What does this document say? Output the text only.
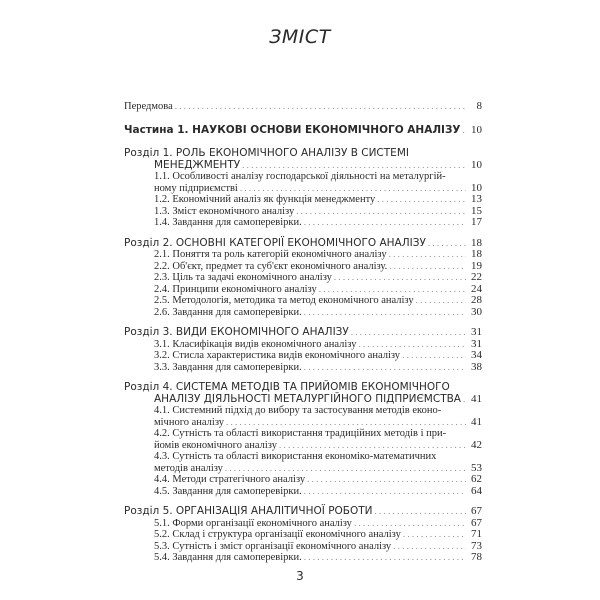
ЗМІСТ
Передмова . . .	8
Частина 1. НАУКОВІ ОСНОВИ ЕКОНОМІЧНОГО АНАЛІЗУ . . . 10
Розділ 1. РОЛЬ ЕКОНОМІЧНОГО АНАЛІЗУ В СИСТЕМІ
МЕНЕДЖМЕНТУ . . .	10
1.1. Особливості аналізу господарської діяльності на металургій-
ному підприємстві . . .	10
1.2. Економічний аналіз як функція менеджменту . . .	13
1.3. Зміст економічного аналізу . . .	15
1.4. Завдання для самоперевірки. . . .	17
Розділ 2. ОСНОВНІ КАТЕГОРІЇ ЕКОНОМІЧНОГО АНАЛІЗУ . . .	18
2.1. Поняття та роль категорій економічного аналізу . . .	18
2.2. Об'єкт, предмет та суб'єкт економічного аналізу. . . .	19
2.3. Ціль та задачі економічного аналізу . . .	22
2.4. Принципи економічного аналізу . . .	24
2.5. Методологія, методика та метод економічного аналізу . . .	28
2.6. Завдання для самоперевірки. . . .	30
Розділ 3. ВИДИ ЕКОНОМІЧНОГО АНАЛІЗУ . . .	31
3.1. Класифікація видів економічного аналізу . . .	31
3.2. Стисла характеристика видів економічного аналізу . . .	34
3.3. Завдання для самоперевірки. . . .	38
Розділ 4. СИСТЕМА МЕТОДІВ ТА ПРИЙОМІВ ЕКОНОМІЧНОГО
АНАЛІЗУ ДІЯЛЬНОСТІ МЕТАЛУРГІЙНОГО ПІДПРИЄМСТВА . . . 41
4.1. Системний підхід до вибору та застосування методів еконо-
мічного аналізу . . .	41
4.2. Сутність та області використання традиційних методів і при-
йомів економічного аналізу . . .	42
4.3. Сутність та області використання економіко-математичних
методів аналізу . . .	53
4.4. Методи стратегічного аналізу . . .	62
4.5. Завдання для самоперевірки. . . .	64
Розділ 5. ОРГАНІЗАЦІЯ АНАЛІТИЧНОЇ РОБОТИ . . .	67
5.1. Форми організації економічного аналізу . . .	67
5.2. Склад і структура організації економічного аналізу . . .	71
5.3. Сутність і зміст організації економічного аналізу . . .	73
5.4. Завдання для самоперевірки. . . .	78
3
